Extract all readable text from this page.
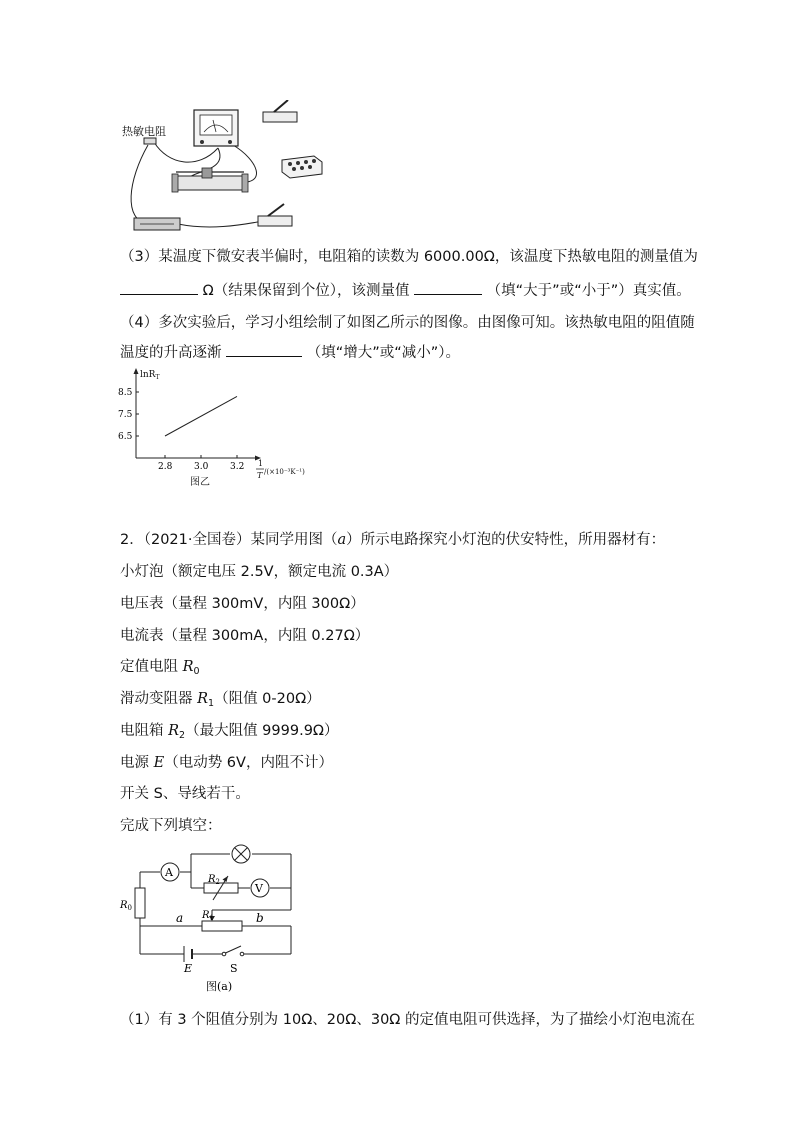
热敏电阻
（3）某温度下微安表半偏时，电阻箱的读数为 6000.00Ω，该温度下热敏电阻的测量值为
Ω（结果保留到个位），该测量值	（填“大于”或“小于”）真实值。
（4）多次实验后，学习小组绘制了如图乙所示的图像。由图像可知。该热敏电阻的阻值随
温度的升高逐渐	（填“增大”或“减小”）。
lnR$_T$
1
T /(×10⁻³K⁻¹)
2.8 3.0 3.2
8.5
7.5
6.5
图乙
2．（2021·全国卷）某同学用图（a）所示电路探究小灯泡的伏安特性，所用器材有：
小灯泡（额定电压 2.5V，额定电流 0.3A）
电压表（量程 300mV，内阻 300Ω）
电流表（量程 300mA，内阻 0.27Ω）
定值电阻 $R_0$
滑动变阻器 $R_1$（阻值 0-20Ω）
电阻箱 $R_2$（最大阻值 9999.9Ω）
电源 E（电动势 6V，内阻不计）
开关 S、导线若干。
完成下列填空：
A
$R_2$	V
$R_1$
a	b
$R_0$
E	S
图(a)
（1）有 3 个阻值分别为 10Ω、20Ω、30Ω 的定值电阻可供选择，为了描绘小灯泡电流在
